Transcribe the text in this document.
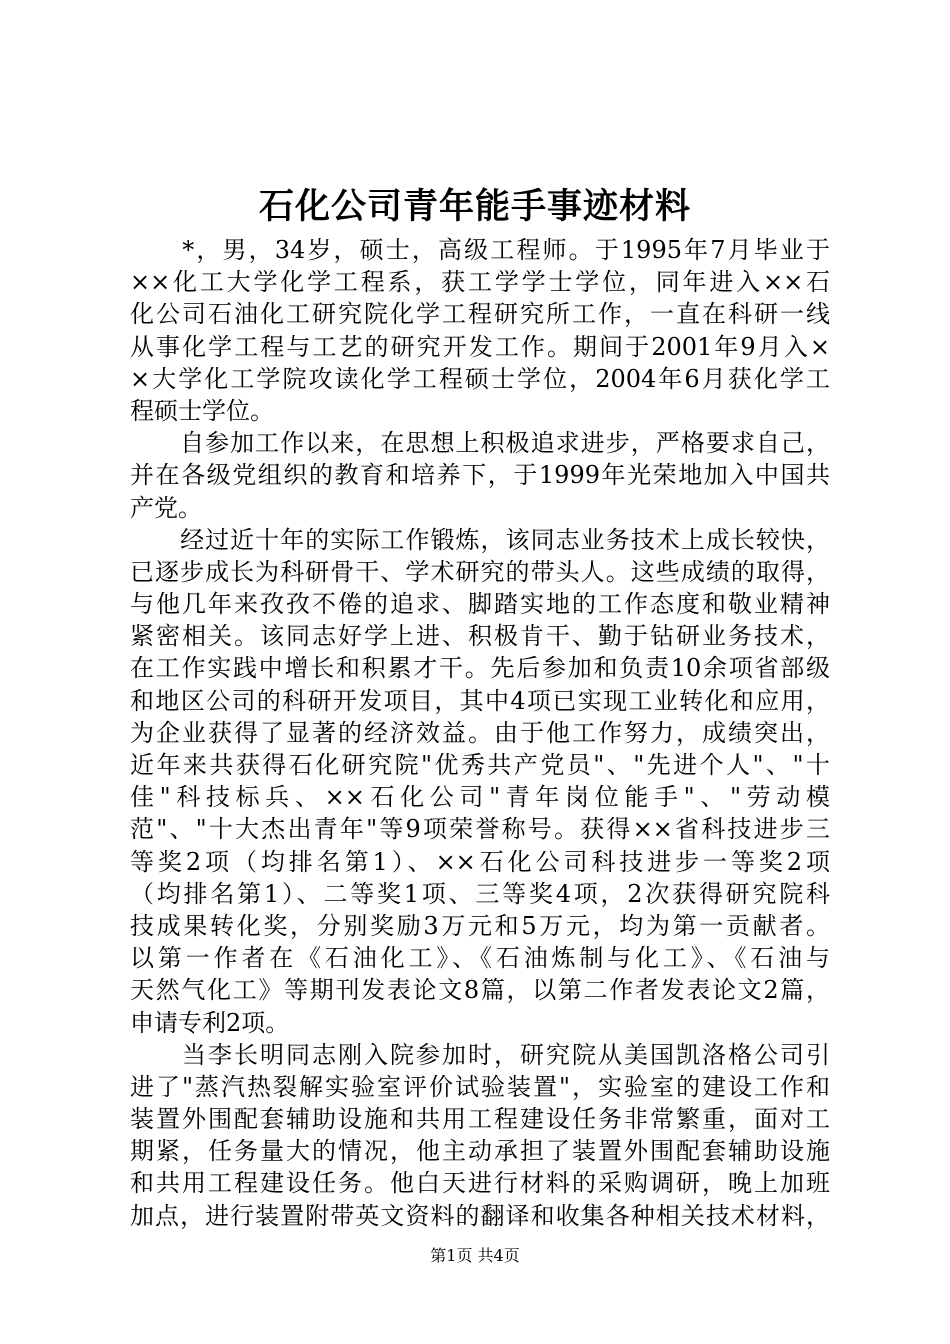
石化公司青年能手事迹材料
　　*，男，34岁，硕士，高级工程师。于1995年7月毕业于
××化工大学化学工程系，获工学学士学位，同年进入××石
化公司石油化工研究院化学工程研究所工作，一直在科研一线
从事化学工程与工艺的研究开发工作。期间于2001年9月入×
×大学化工学院攻读化学工程硕士学位，2004年6月获化学工
程硕士学位。
　　自参加工作以来，在思想上积极追求进步，严格要求自己，
并在各级党组织的教育和培养下，于1999年光荣地加入中国共
产党。
　　经过近十年的实际工作锻炼，该同志业务技术上成长较快，
已逐步成长为科研骨干、学术研究的带头人。这些成绩的取得，
与他几年来孜孜不倦的追求、脚踏实地的工作态度和敬业精神
紧密相关。该同志好学上进、积极肯干、勤于钻研业务技术，
在工作实践中增长和积累才干。先后参加和负责10余项省部级
和地区公司的科研开发项目，其中4项已实现工业转化和应用，
为企业获得了显著的经济效益。由于他工作努力，成绩突出，
近年来共获得石化研究院"优秀共产党员"、"先进个人"、"十
佳"科技标兵、××石化公司"青年岗位能手"、"劳动模
范"、"十大杰出青年"等9项荣誉称号。获得××省科技进步三
等奖2项（均排名第1）、××石化公司科技进步一等奖2项
（均排名第1）、二等奖1项、三等奖4项，2次获得研究院科
技成果转化奖，分别奖励3万元和5万元，均为第一贡献者。
以第一作者在《石油化工》、《石油炼制与化工》、《石油与
天然气化工》等期刊发表论文8篇，以第二作者发表论文2篇，
申请专利2项。
　　当李长明同志刚入院参加时，研究院从美国凯洛格公司引
进了"蒸汽热裂解实验室评价试验装置"，实验室的建设工作和
装置外围配套辅助设施和共用工程建设任务非常繁重，面对工
期紧，任务量大的情况，他主动承担了装置外围配套辅助设施
和共用工程建设任务。他白天进行材料的采购调研，晚上加班
加点，进行装置附带英文资料的翻译和收集各种相关技术材料，
第1页 共4页
